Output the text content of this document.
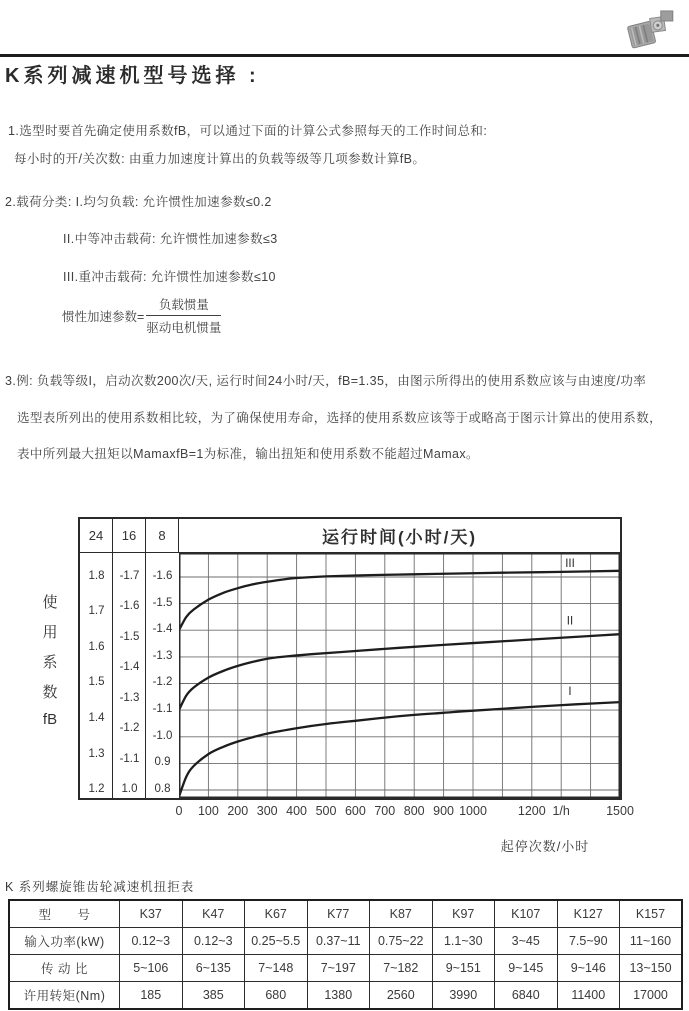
K系列减速机型号选择 :
1.选型时要首先确定使用系数fB，可以通过下面的计算公式参照每天的工作时间总和:
每小时的开/关次数: 由重力加速度计算出的负载等级等几项参数计算fB。
2.载荷分类: I.均匀负载: 允许惯性加速参数≤0.2
II.中等冲击载荷: 允许惯性加速参数≤3
III.重冲击载荷: 允许惯性加速参数≤10
惯性加速参数= $\frac{\text{负载惯量}}{\text{驱动电机惯量}}$
3.例: 负载等级I，启动次数200次/天, 运行时间24小时/天，fB=1.35，由图示所得出的使用系数应该与由速度/功率
选型表所列出的使用系数相比较，为了确保使用寿命，选择的使用系数应该等于或略高于图示计算出的使用系数，
表中所列最大扭矩以MamaxfB=1为标准，输出扭矩和使用系数不能超过Mamax。
使
用
系
数
fB
24	16	8	运行时间(小时/天)
1.8
1.7
1.6
1.5
1.4
1.3
1.2
-1.7
-1.6
-1.5
-1.4
-1.3
-1.2
-1.1
1.0
-1.6
-1.5
-1.4
-1.3
-1.2
-1.1
-1.0
0.9
0.8
III
II
I
0	100 200 300 400 500 600 700 800 900 1000	1200 1/h	1500
起停次数/小时
K 系列螺旋锥齿轮减速机扭拒表
型　　号	K37	K47	K67	K77	K87	K97	K107	K127	K157
输入功率(kW)	0.12~3	0.12~3	0.25~5.5	0.37~11	0.75~22	1.1~30	3~45	7.5~90	11~160
传 动 比	5~106	6~135	7~148	7~197	7~182	9~151	9~145	9~146	13~150
许用转矩(Nm)	185	385	680	1380	2560	3990	6840	11400	17000
